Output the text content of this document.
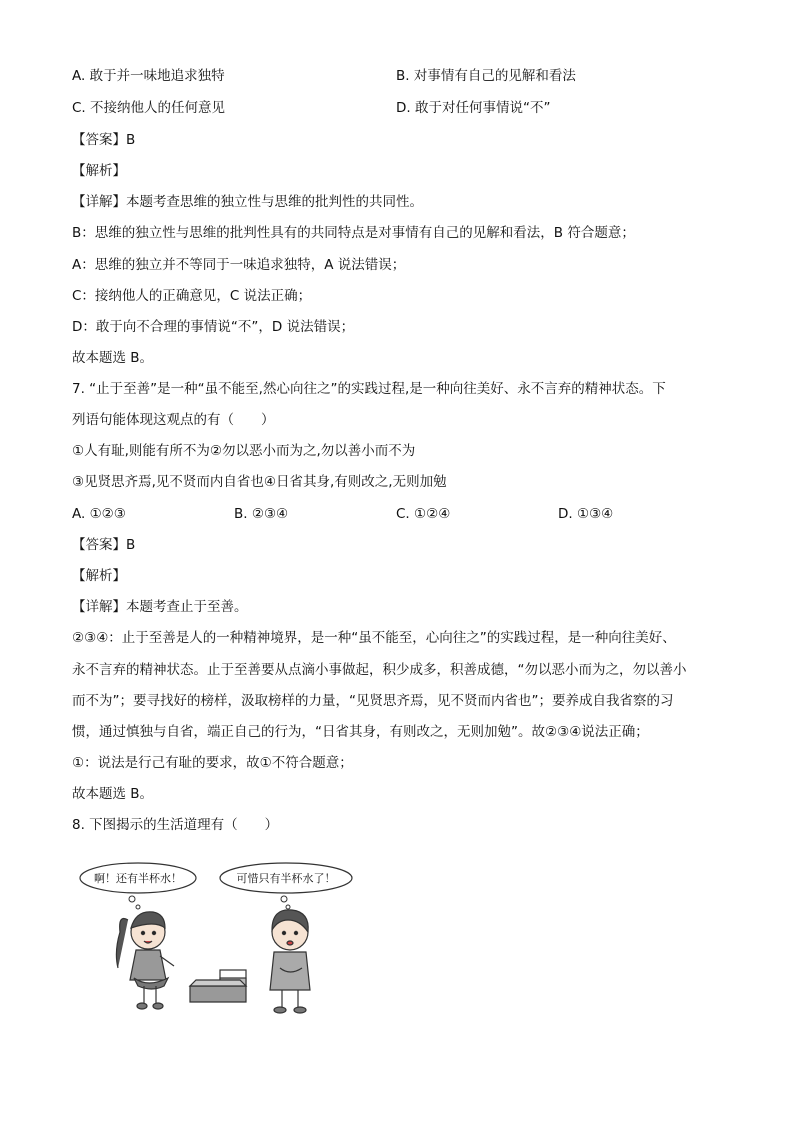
A. 敢于并一味地追求独特	B. 对事情有自己的见解和看法
C. 不接纳他人的任何意见	D. 敢于对任何事情说“不”
【答案】B
【解析】
【详解】本题考查思维的独立性与思维的批判性的共同性。
B：思维的独立性与思维的批判性具有的共同特点是对事情有自己的见解和看法，B 符合题意；
A：思维的独立并不等同于一味追求独特，A 说法错误；
C：接纳他人的正确意见，C 说法正确；
D：敢于向不合理的事情说“不”，D 说法错误；
故本题选 B。
7. “止于至善”是一种“虽不能至,然心向往之”的实践过程,是一种向往美好、永不言弃的精神状态。下
列语句能体现这观点的有（　　）
①人有耻,则能有所不为②勿以恶小而为之,勿以善小而不为
③见贤思齐焉,见不贤而内自省也④日省其身,有则改之,无则加勉
A. ①②③	B. ②③④	C. ①②④	D. ①③④
【答案】B
【解析】
【详解】本题考查止于至善。
②③④：止于至善是人的一种精神境界，是一种“虽不能至，心向往之”的实践过程，是一种向往美好、
永不言弃的精神状态。止于至善要从点滴小事做起，积少成多，积善成德，“勿以恶小而为之，勿以善小
而不为”；要寻找好的榜样，汲取榜样的力量，“见贤思齐焉，见不贤而内省也”；要养成自我省察的习
惯，通过慎独与自省，端正自己的行为，“日省其身，有则改之，无则加勉”。故②③④说法正确；
①：说法是行己有耻的要求，故①不符合题意；
故本题选 B。
8. 下图揭示的生活道理有（　　）
啊！还有半杯水！	可惜只有半杯水了！
